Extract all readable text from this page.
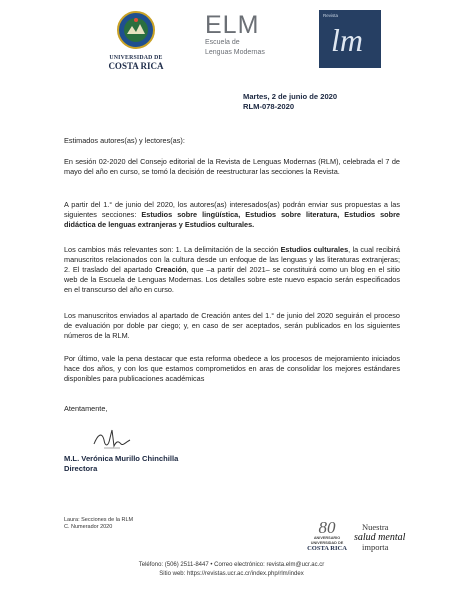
UNIVERSIDAD DE
COSTA RICA
ELM
Escuela de
Lenguas Modernas
Revista
lm
Martes, 2 de junio de 2020
RLM-078-2020
Estimados autores(as) y lectores(as):
En sesión 02-2020 del Consejo editorial de la Revista de Lenguas Modernas (RLM), celebrada el 7 de mayo del año en curso, se tomó la decisión de reestructurar las secciones la Revista.
A partir del 1.° de junio del 2020, los autores(as) interesados(as) podrán enviar sus propuestas a las siguientes secciones: Estudios sobre lingüística, Estudios sobre literatura, Estudios sobre didáctica de lenguas extranjeras y Estudios culturales.
Los cambios más relevantes son: 1. La delimitación de la sección Estudios culturales, la cual recibirá manuscritos relacionados con la cultura desde un enfoque de las lenguas y las literaturas extranjeras; 2. El traslado del apartado Creación, que –a partir del 2021– se constituirá como un blog en el sitio web de la Escuela de Lenguas Modernas. Los detalles sobre este nuevo espacio serán especificados en el transcurso del año en curso.
Los manuscritos enviados al apartado de Creación antes del 1.° de junio del 2020 seguirán el proceso de evaluación por doble par ciego; y, en caso de ser aceptados, serán publicados en los siguientes números de la RLM.
Por último, vale la pena destacar que esta reforma obedece a los procesos de mejoramiento iniciados hace dos años, y con los que estamos comprometidos en aras de consolidar los mejores estándares disponibles para publicaciones académicas
Atentamente,
M.L. Verónica Murillo Chinchilla
Directora
Laura: Secciones de la RLM
C. Numerador 2020	80
ANIVERSARIO
UNIVERSIDAD DE
COSTA RICA
Nuestra
salud mental
importa
Teléfono: (506) 2511-8447 • Correo electrónico: revista.elm@ucr.ac.cr
Sitio web: https://revistas.ucr.ac.cr/index.php/rlm/index
